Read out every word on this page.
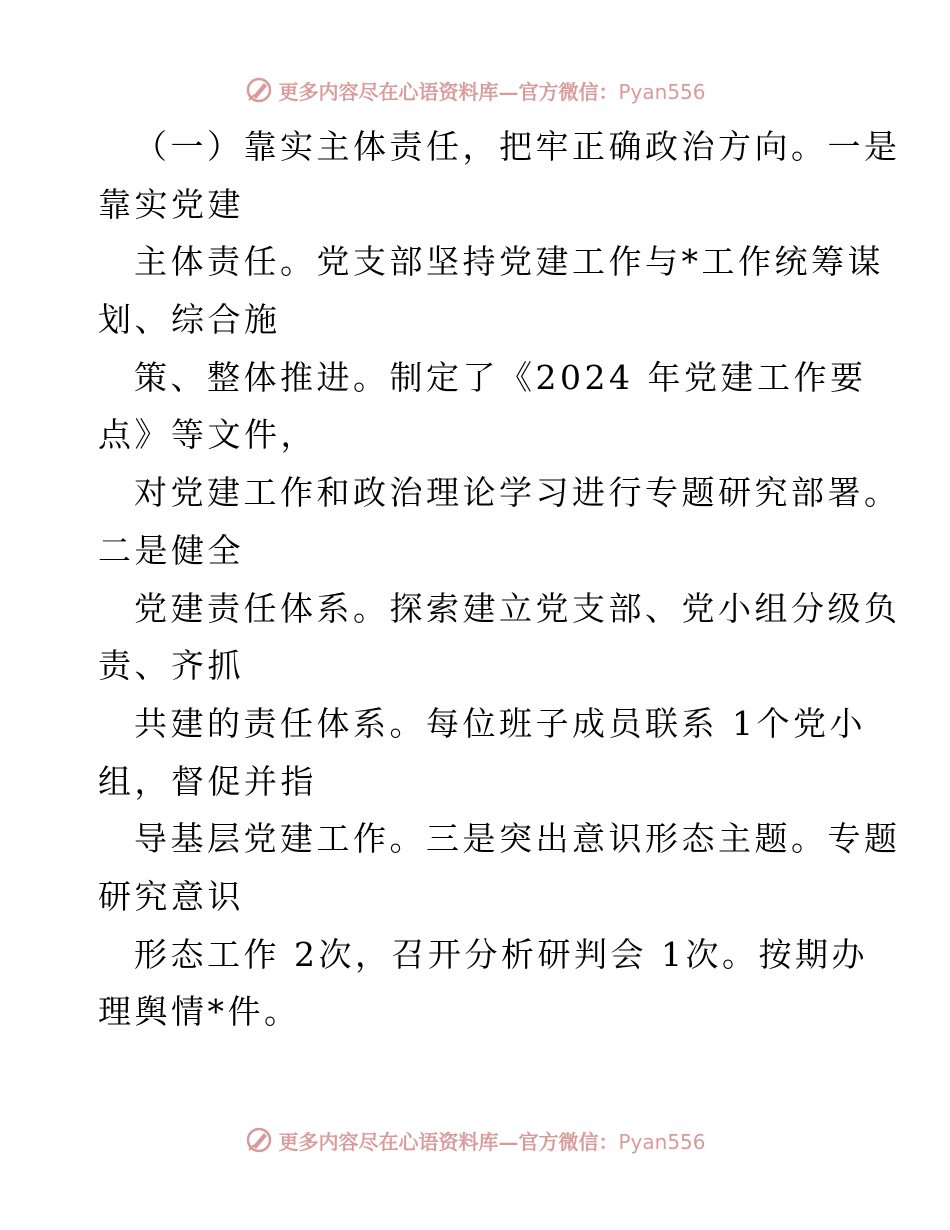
更多内容尽在心语资料库—官方微信：Pyan556
（一）靠实主体责任，把牢正确政治方向。一是
靠实党建
主体责任。党支部坚持党建工作与*工作统筹谋
划、综合施
策、整体推进。制定了《2024 年党建工作要
点》等文件，
对党建工作和政治理论学习进行专题研究部署。
二是健全
党建责任体系。探索建立党支部、党小组分级负
责、齐抓
共建的责任体系。每位班子成员联系 1个党小
组，督促并指
导基层党建工作。三是突出意识形态主题。专题
研究意识
形态工作 2次，召开分析研判会 1次。按期办
理舆情*件。
更多内容尽在心语资料库—官方微信：Pyan556
